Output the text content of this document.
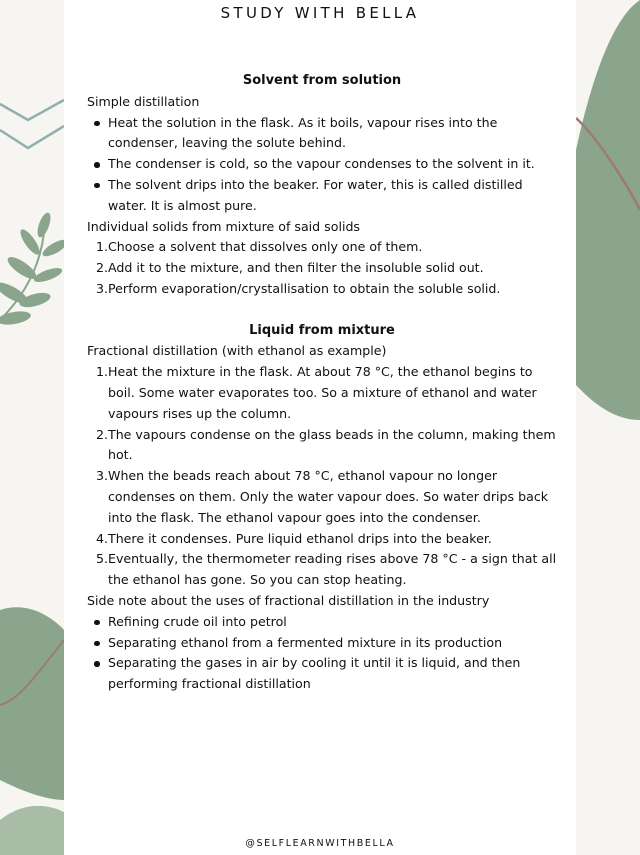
STUDY WITH BELLA

Solvent from solution

Simple distillation

Heat the solution in the flask. As it boils, vapour rises into the condenser, leaving the solute behind.
The condenser is cold, so the vapour condenses to the solvent in it.
The solvent drips into the beaker. For water, this is called distilled water. It is almost pure.

Individual solids from mixture of said solids

1. Choose a solvent that dissolves only one of them.
2. Add it to the mixture, and then filter the insoluble solid out.
3. Perform evaporation/crystallisation to obtain the soluble solid.

Liquid from mixture

Fractional distillation (with ethanol as example)

1. Heat the mixture in the flask. At about 78 °C, the ethanol begins to boil. Some water evaporates too. So a mixture of ethanol and water vapours rises up the column.
2. The vapours condense on the glass beads in the column, making them hot.
3. When the beads reach about 78 °C, ethanol vapour no longer condenses on them. Only the water vapour does. So water drips back into the flask. The ethanol vapour goes into the condenser.
4. There it condenses. Pure liquid ethanol drips into the beaker.
5. Eventually, the thermometer reading rises above 78 °C - a sign that all the ethanol has gone. So you can stop heating.

Side note about the uses of fractional distillation in the industry

Refining crude oil into petrol
Separating ethanol from a fermented mixture in its production
Separating the gases in air by cooling it until it is liquid, and then performing fractional distillation
@SELFLEARNWITHBELLA
